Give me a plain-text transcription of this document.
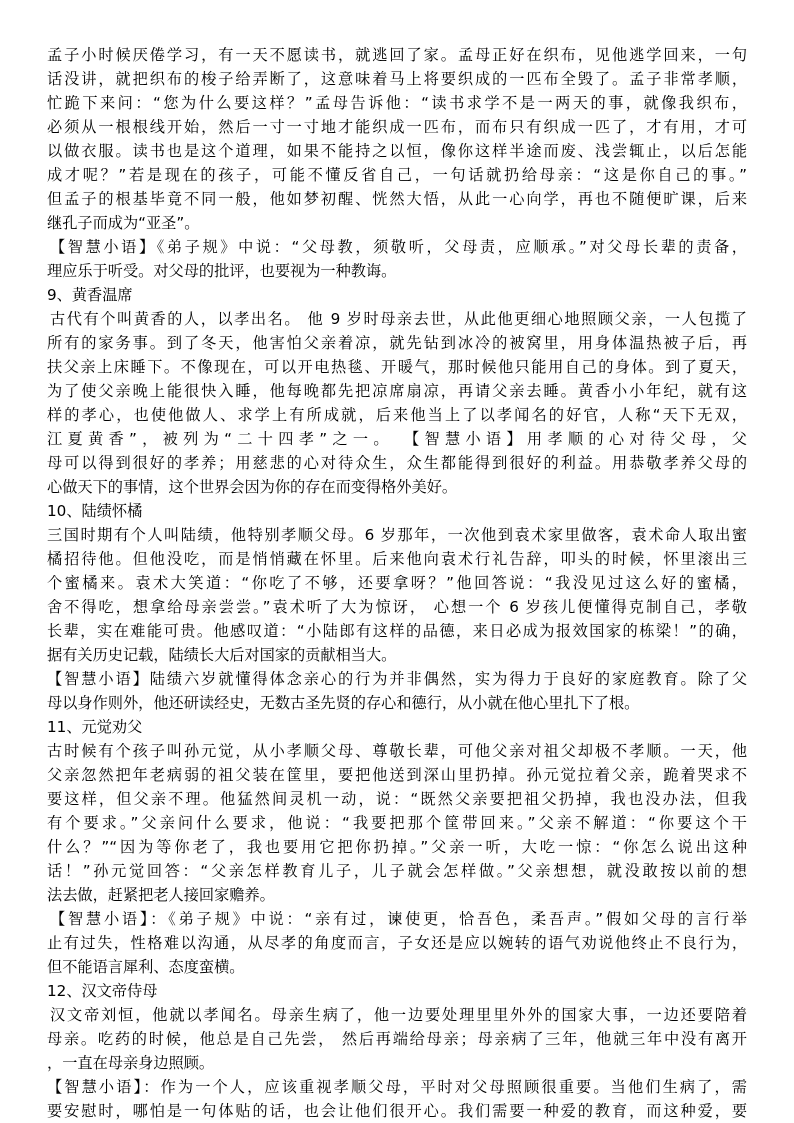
孟子小时候厌倦学习，有一天不愿读书，就逃回了家。孟母正好在织布，见他逃学回来，一句
话没讲，就把织布的梭子给弄断了，这意味着马上将要织成的一匹布全毁了。孟子非常孝顺，
忙跪下来问：“您为什么要这样？”孟母告诉他：“读书求学不是一两天的事，就像我织布，
必须从一根根线开始，然后一寸一寸地才能织成一匹布，而布只有织成一匹了，才有用，才可
以做衣服。读书也是这个道理，如果不能持之以恒，像你这样半途而废、浅尝辄止，以后怎能
成才呢？”若是现在的孩子，可能不懂反省自己，一句话就扔给母亲：“这是你自己的事。”
但孟子的根基毕竟不同一般，他如梦初醒、恍然大悟，从此一心向学，再也不随便旷课，后来
继孔子而成为“亚圣”。
【智慧小语】《弟子规》中说：“父母教，须敬听，父母责，应顺承。”对父母长辈的责备，
理应乐于听受。对父母的批评，也要视为一种教诲。
9、黄香温席
古代有个叫黄香的人，以孝出名。 他 9 岁时母亲去世，从此他更细心地照顾父亲，一人包揽了
所有的家务事。到了冬天，他害怕父亲着凉，就先钻到冰冷的被窝里，用身体温热被子后，再
扶父亲上床睡下。不像现在，可以开电热毯、开暖气，那时候他只能用自己的身体。到了夏天，
为了使父亲晚上能很快入睡，他每晚都先把凉席扇凉，再请父亲去睡。黄香小小年纪，就有这
样的孝心，也使他做人、求学上有所成就，后来他当上了以孝闻名的好官，人称“天下无双，
江夏黄香”，被列为“二十四孝”之一。 【智慧小语】用孝顺的心对待父母，父
母可以得到很好的孝养；用慈悲的心对待众生，众生都能得到很好的利益。用恭敬孝养父母的
心做天下的事情，这个世界会因为你的存在而变得格外美好。
10、陆绩怀橘
三国时期有个人叫陆绩，他特别孝顺父母。6 岁那年，一次他到袁术家里做客，袁术命人取出蜜
橘招待他。但他没吃，而是悄悄藏在怀里。后来他向袁术行礼告辞，叩头的时候，怀里滚出三
个蜜橘来。袁术大笑道：“你吃了不够，还要拿呀？”他回答说：“我没见过这么好的蜜橘，
舍不得吃，想拿给母亲尝尝。”袁术听了大为惊讶， 心想一个 6 岁孩儿便懂得克制自己，孝敬
长辈，实在难能可贵。他感叹道：“小陆郎有这样的品德，来日必成为报效国家的栋梁！”的确，
据有关历史记载，陆绩长大后对国家的贡献相当大。
【智慧小语】陆绩六岁就懂得体念亲心的行为并非偶然，实为得力于良好的家庭教育。除了父
母以身作则外，他还研读经史，无数古圣先贤的存心和德行，从小就在他心里扎下了根。
11、元觉劝父
古时候有个孩子叫孙元觉，从小孝顺父母、尊敬长辈，可他父亲对祖父却极不孝顺。一天，他
父亲忽然把年老病弱的祖父装在筐里，要把他送到深山里扔掉。孙元觉拉着父亲，跪着哭求不
要这样，但父亲不理。他猛然间灵机一动，说：“既然父亲要把祖父扔掉，我也没办法，但我
有个要求。”父亲问什么要求，他说：“我要把那个筐带回来。”父亲不解道：“你要这个干
什么？”“因为等你老了，我也要用它把你扔掉。”父亲一听，大吃一惊：“你怎么说出这种
话！”孙元觉回答：“父亲怎样教育儿子，儿子就会怎样做。”父亲想想，就没敢按以前的想
法去做，赶紧把老人接回家赡养。
【智慧小语】：《弟子规》中说：“亲有过，谏使更，恰吾色，柔吾声。”假如父母的言行举
止有过失，性格难以沟通，从尽孝的角度而言，子女还是应以婉转的语气劝说他终止不良行为，
但不能语言犀利、态度蛮横。
12、汉文帝侍母
汉文帝刘恒，他就以孝闻名。母亲生病了，他一边要处理里里外外的国家大事，一边还要陪着
母亲。吃药的时候，他总是自己先尝， 然后再端给母亲；母亲病了三年，他就三年中没有离开
，一直在母亲身边照顾。
【智慧小语】：作为一个人，应该重视孝顺父母，平时对父母照顾很重要。当他们生病了，需
要安慰时，哪怕是一句体贴的话，也会让他们很开心。我们需要一种爱的教育，而这种爱，要
